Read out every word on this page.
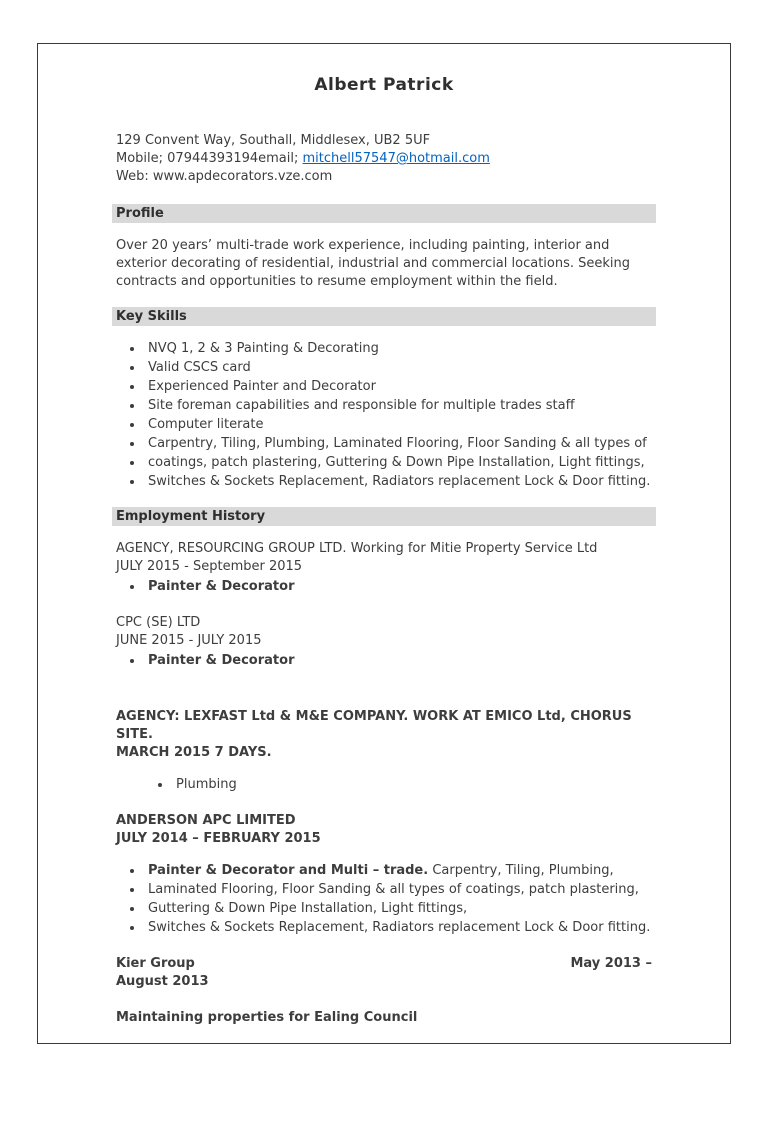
Albert Patrick
129 Convent Way, Southall, Middlesex, UB2 5UF
Mobile; 07944393194email; mitchell57547@hotmail.com
Web: www.apdecorators.vze.com
Profile

Over 20 years’ multi-trade work experience, including painting, interior and exterior decorating of residential, industrial and commercial locations. Seeking contracts and opportunities to resume employment within the field.

Key Skills
• NVQ 1, 2 & 3 Painting & Decorating
• Valid CSCS card
• Experienced Painter and Decorator
• Site foreman capabilities and responsible for multiple trades staff
• Computer literate
• Carpentry, Tiling, Plumbing, Laminated Flooring, Floor Sanding & all types of
• coatings, patch plastering, Guttering & Down Pipe Installation, Light fittings,
• Switches & Sockets Replacement, Radiators replacement Lock & Door fitting.
Employment History
AGENCY, RESOURCING GROUP LTD. Working for Mitie Property Service Ltd
JULY 2015 - September 2015
• Painter & Decorator
CPC (SE) LTD
JUNE 2015 - JULY 2015
• Painter & Decorator
AGENCY: LEXFAST Ltd & M&E COMPANY. WORK AT EMICO Ltd, CHORUS SITE.
MARCH 2015 7 DAYS.
• Plumbing
ANDERSON APC LIMITED
JULY 2014 – FEBRUARY 2015
• Painter & Decorator and Multi – trade. Carpentry, Tiling, Plumbing,
• Laminated Flooring, Floor Sanding & all types of coatings, patch plastering,
• Guttering & Down Pipe Installation, Light fittings,
• Switches & Sockets Replacement, Radiators replacement Lock & Door fitting.
Kier Group	May 2013 –
August 2013
Maintaining properties for Ealing Council
